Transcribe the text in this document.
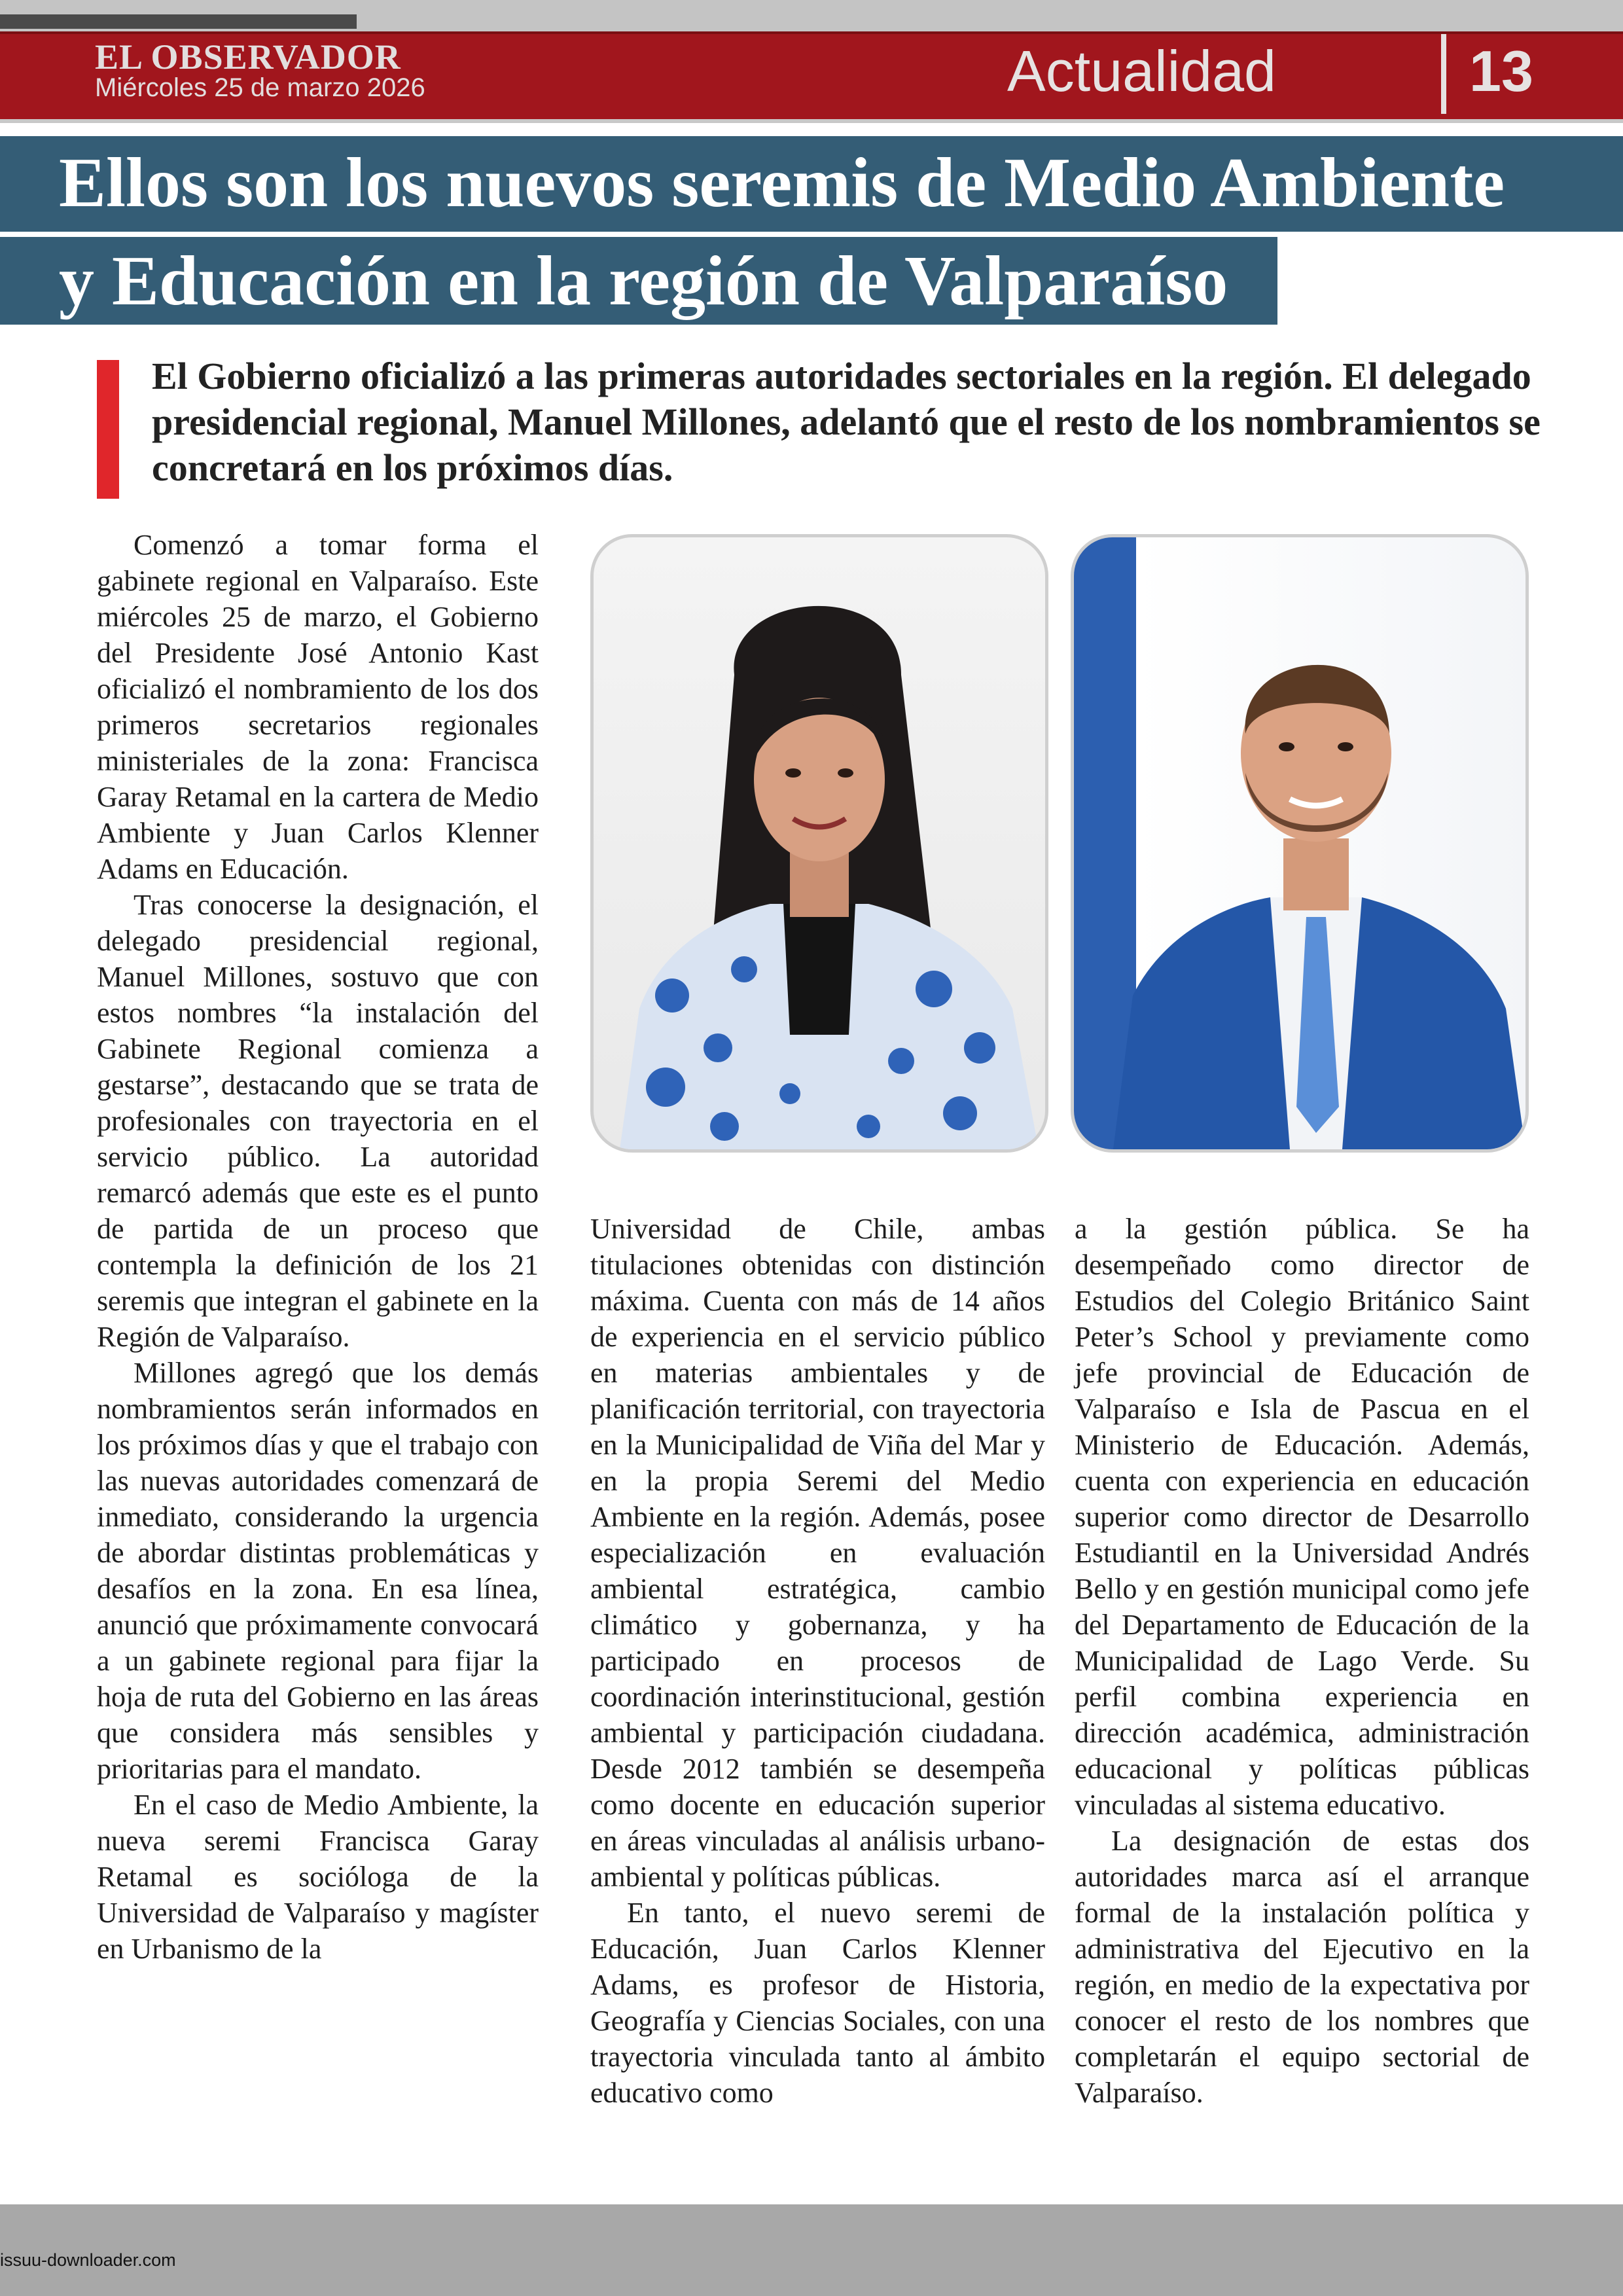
EL OBSERVADOR
Miércoles 25 de marzo 2026	Actualidad	13
Ellos son los nuevos seremis de Medio Ambiente
y Educación en la región de Valparaíso
El Gobierno oficializó a las primeras autoridades sectoriales en la región. El delegado presidencial regional, Manuel Millones, adelantó que el resto de los nombramientos se concretará en los próximos días.

Comenzó a tomar forma el gabinete regional en Valparaíso. Este miércoles 25 de marzo, el Gobierno del Presidente José Antonio Kast oficializó el nombramiento de los dos primeros secretarios regionales ministeriales de la zona: Francisca Garay Retamal en la cartera de Medio Ambiente y Juan Carlos Klenner Adams en Educación.

Tras conocerse la designación, el delegado presidencial regional, Manuel Millones, sostuvo que con estos nombres “la instalación del Gabinete Regional comienza a gestarse”, destacando que se trata de profesionales con trayectoria en el servicio público. La autoridad remarcó además que este es el punto de partida de un proceso que contempla la definición de los 21 seremis que integran el gabinete en la Región de Valparaíso.

Millones agregó que los demás nombramientos serán informados en los próximos días y que el trabajo con las nuevas autoridades comenzará de inmediato, considerando la urgencia de abordar distintas problemáticas y desafíos en la zona. En esa línea, anunció que próximamente convocará a un gabinete regional para fijar la hoja de ruta del Gobierno en las áreas que considera más sensibles y prioritarias para el mandato.

En el caso de Medio Ambiente, la nueva seremi Francisca Garay Retamal es socióloga de la Universidad de Valparaíso y magíster en Urbanismo de la

Universidad de Chile, ambas titulaciones obtenidas con distinción máxima. Cuenta con más de 14 años de experiencia en el servicio público en materias ambientales y de planificación territorial, con trayectoria en la Municipalidad de Viña del Mar y en la propia Seremi del Medio Ambiente en la región. Además, posee especialización en evaluación ambiental estratégica, cambio climático y gobernanza, y ha participado en procesos de coordinación interinstitucional, gestión ambiental y participación ciudadana. Desde 2012 también se desempeña como docente en educación superior en áreas vinculadas al análisis urbano-ambiental y políticas públicas.

En tanto, el nuevo seremi de Educación, Juan Carlos Klenner Adams, es profesor de Historia, Geografía y Ciencias Sociales, con una trayectoria vinculada tanto al ámbito educativo como

a la gestión pública. Se ha desempeñado como director de Estudios del Colegio Británico Saint Peter’s School y previamente como jefe provincial de Educación de Valparaíso e Isla de Pascua en el Ministerio de Educación. Además, cuenta con experiencia en educación superior como director de Desarrollo Estudiantil en la Universidad Andrés Bello y en gestión municipal como jefe del Departamento de Educación de la Municipalidad de Lago Verde. Su perfil combina experiencia en dirección académica, administración educacional y políticas públicas vinculadas al sistema educativo.

La designación de estas dos autoridades marca así el arranque formal de la instalación política y administrativa del Ejecutivo en la región, en medio de la expectativa por conocer el resto de los nombres que completarán el equipo sectorial de Valparaíso.

issuu-downloader.com
